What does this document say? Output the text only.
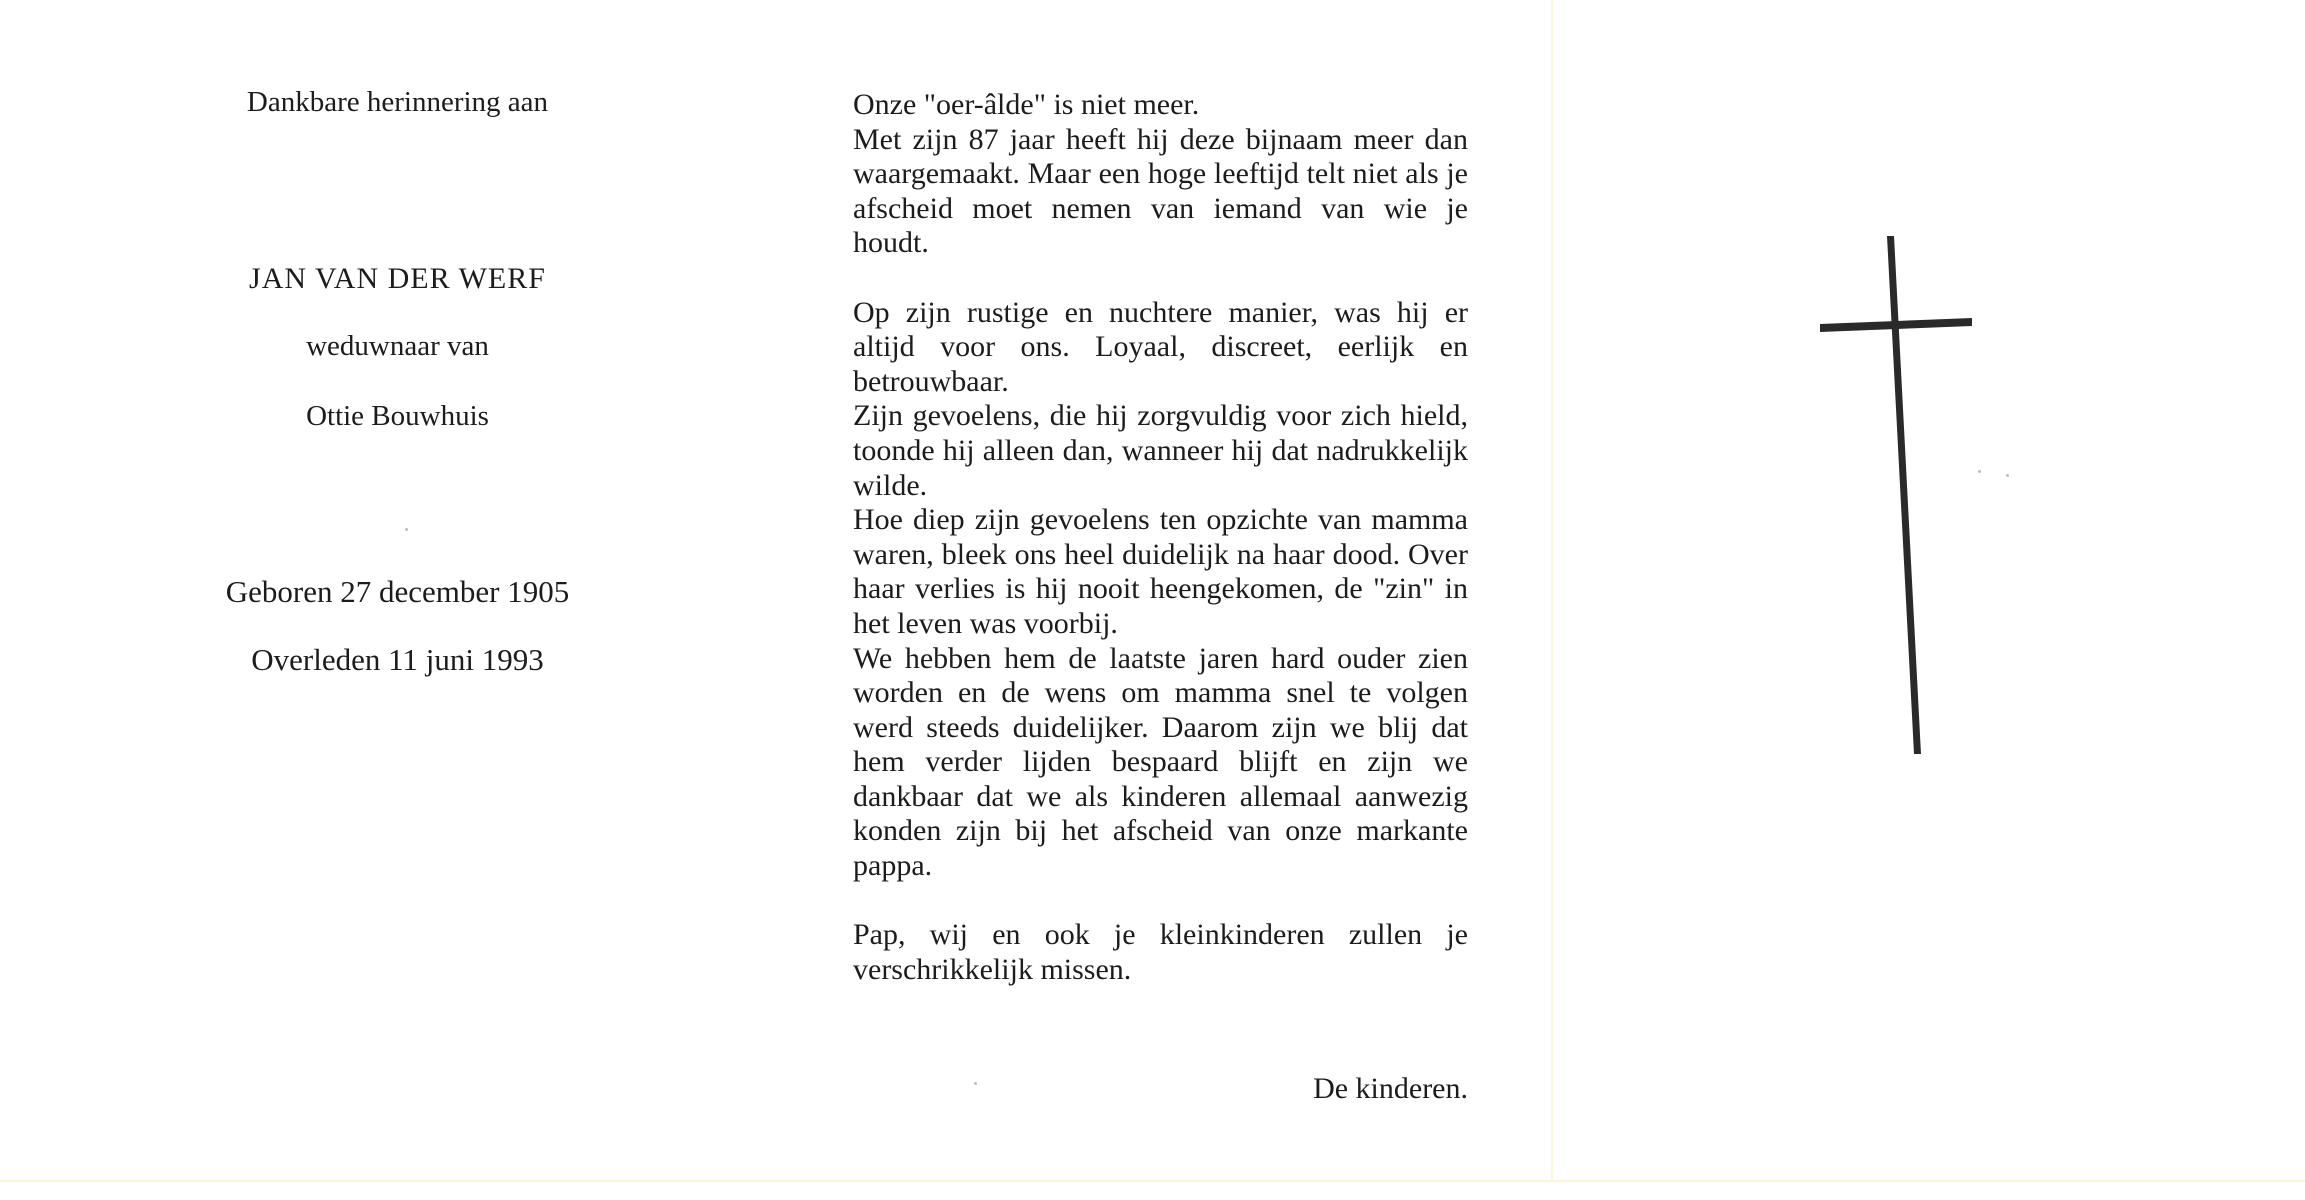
Dankbare herinnering aan
JAN VAN DER WERF
weduwnaar van
Ottie Bouwhuis
Geboren 27 december 1905
Overleden 11 juni 1993

Onze "oer-âlde" is niet meer.

Met zijn 87 jaar heeft hij deze bijnaam meer dan waargemaakt. Maar een hoge leeftijd telt niet als je afscheid moet nemen van iemand van wie je houdt.

Op zijn rustige en nuchtere manier, was hij er altijd voor ons. Loyaal, discreet, eerlijk en betrouwbaar.

Zijn gevoelens, die hij zorgvuldig voor zich hield, toonde hij alleen dan, wanneer hij dat nadrukkelijk wilde.

Hoe diep zijn gevoelens ten opzichte van mamma waren, bleek ons heel duidelijk na haar dood. Over haar verlies is hij nooit heengekomen, de "zin" in het leven was voorbij.

We hebben hem de laatste jaren hard ouder zien worden en de wens om mamma snel te volgen werd steeds duidelijker. Daarom zijn we blij dat hem verder lijden bespaard blijft en zijn we dankbaar dat we als kinderen allemaal aanwezig konden zijn bij het afscheid van onze markante pappa.

Pap, wij en ook je kleinkinderen zullen je verschrikkelijk missen.

De kinderen.
